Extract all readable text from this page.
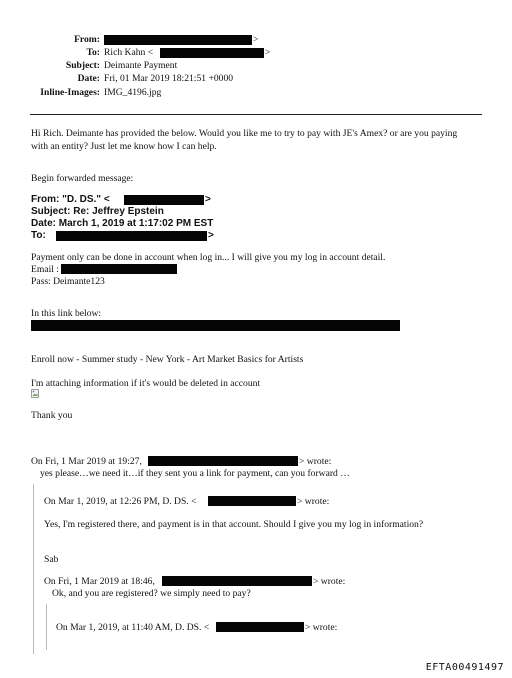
From:	>
To: Rich Kahn <	>
Subject: Deimante Payment
Date: Fri, 01 Mar 2019 18:21:51 +0000
Inline-Images: IMG_4196.jpg
Hi Rich. Deimante has provided the below. Would you like me to try to pay with JE's Amex? or are you paying
with an entity? Just let me know how I can help.
Begin forwarded message:
From: "D. DS." <	>
Subject: Re: Jeffrey Epstein
Date: March 1, 2019 at 1:17:02 PM EST
To:	>
Payment only can be done in account when log in... I will give you my log in account detail.
Email :
Pass: Deimante123
In this link below:
Enroll now - Summer study - New York - Art Market Basics for Artists
I'm attaching information if it's would be deleted in account
Thank you
On Fri, 1 Mar 2019 at 19:27,	> wrote:
yes please…we need it…if they sent you a link for payment, can you forward …
On Mar 1, 2019, at 12:26 PM, D. DS. <	> wrote:
Yes, I'm registered there, and payment is in that account. Should I give you my log in information?
Sab
On Fri, 1 Mar 2019 at 18:46,	> wrote:
Ok, and you are registered? we simply need to pay?
On Mar 1, 2019, at 11:40 AM, D. DS. <	> wrote:
EFTA00491497
